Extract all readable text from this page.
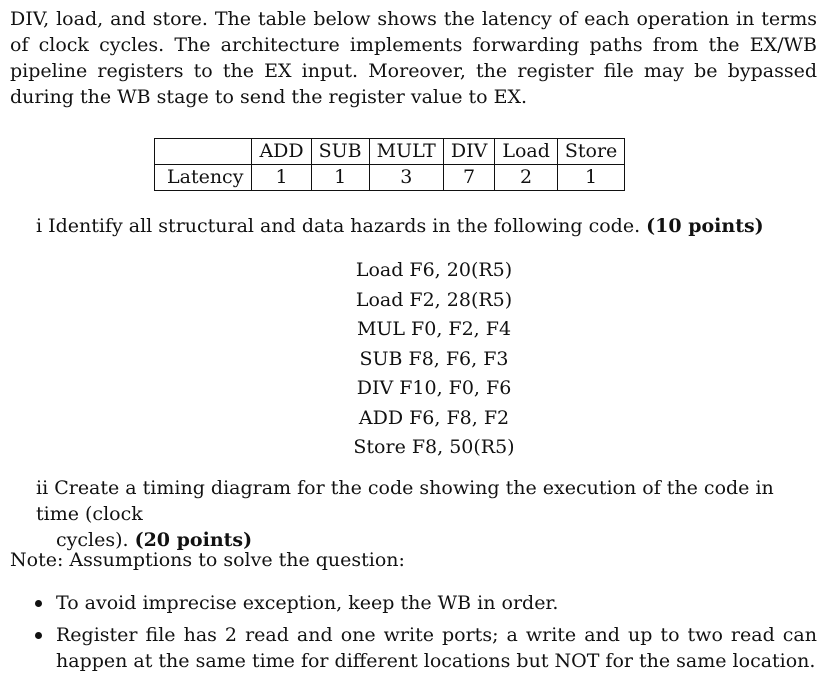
DIV, load, and store. The table below shows the latency of each operation in terms of clock cycles. The architecture implements forwarding paths from the EX/WB pipeline registers to the EX input. Moreover, the register file may be bypassed during the WB stage to send the register value to EX.

	ADD	SUB	MULT	DIV	Load	Store
Latency	1	1	3	7	2	1

i Identify all structural and data hazards in the following code. (10 points)

Load F6, 20(R5)
Load F2, 28(R5)
MUL F0, F2, F4
SUB F8, F6, F3
DIV F10, F0, F6
ADD F6, F8, F2
Store F8, 50(R5)
ii Create a timing diagram for the code showing the execution of the code in time (clock
cycles). (20 points)

Note: Assumptions to solve the question:

To avoid imprecise exception, keep the WB in order.
Register file has 2 read and one write ports; a write and up to two read can happen at the same time for different locations but NOT for the same location.
